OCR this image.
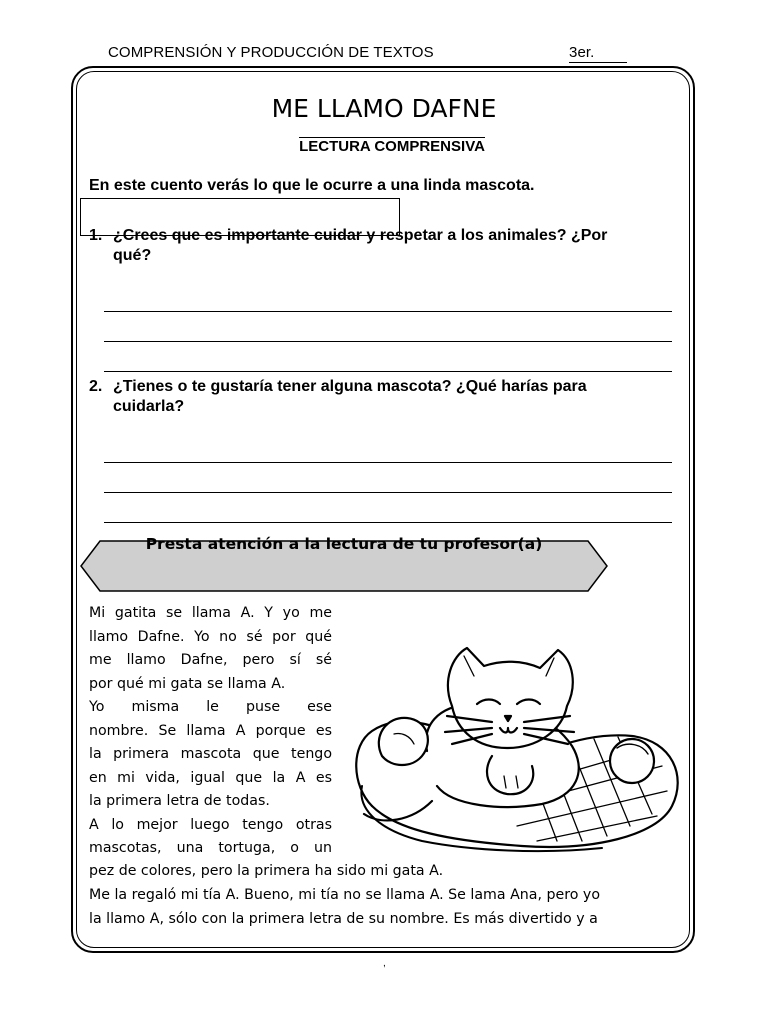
COMPRENSIÓN Y PRODUCCIÓN DE TEXTOS	3er.
ME LLAMO DAFNE
LECTURA COMPRENSIVA
En este cuento verás lo que le ocurre a una linda mascota.
1. ¿Crees que es importante cuidar y respetar a los animales? ¿Por
qué?
2. ¿Tienes o te gustaría tener alguna mascota? ¿Qué harías para
cuidarla?
Presta atención a la lectura de tu profesor(a)
Mi gatita se llama A. Y yo me
llamo Dafne. Yo no sé por qué
me llamo Dafne, pero sí sé
por qué mi gata se llama A.
Yo misma le puse ese
nombre. Se llama A porque es
la primera mascota que tengo
en mi vida, igual que la A es
la primera letra de todas.
A lo mejor luego tengo otras
mascotas, una tortuga, o un
pez de colores, pero la primera ha sido mi gata A.
Me la regaló mi tía A. Bueno, mi tía no se llama A. Se lama Ana, pero yo
la llamo A, sólo con la primera letra de su nombre. Es más divertido y a
,
